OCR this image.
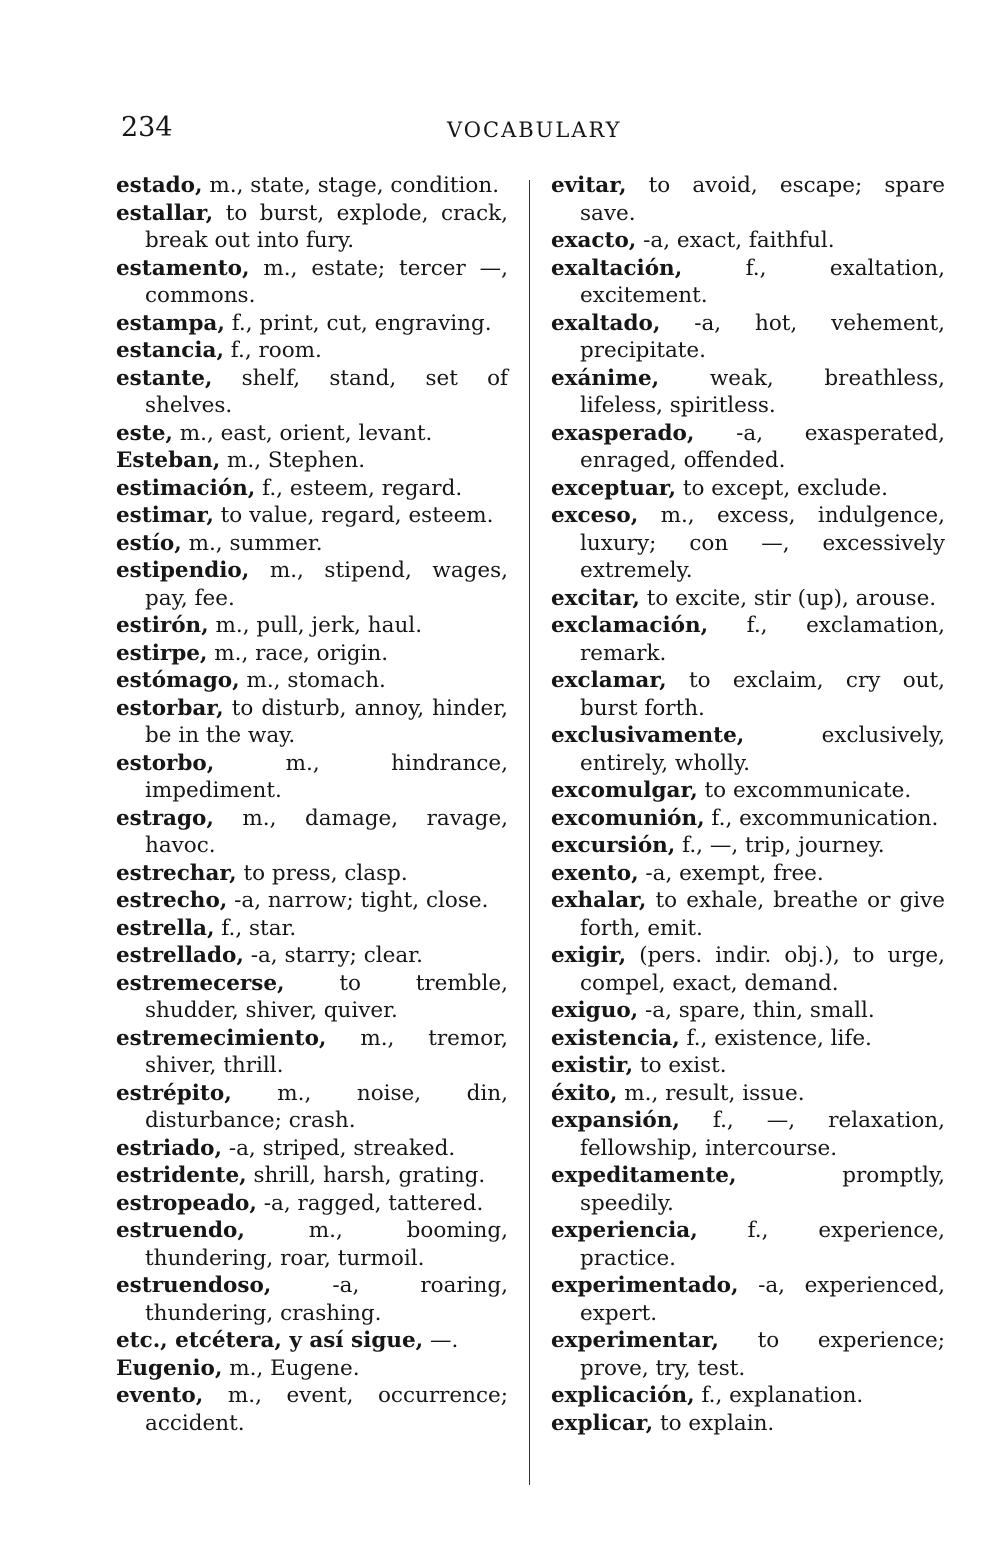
234	VOCABULARY
estado, m., state, stage, condition.
estallar, to burst, explode, crack, break out into fury.
estamento, m., estate; tercer —, commons.
estampa, f., print, cut, engraving.
estancia, f., room.
estante, shelf, stand, set of shelves.
este, m., east, orient, levant.
Esteban, m., Stephen.
estimación, f., esteem, regard.
estimar, to value, regard, esteem.
estío, m., summer.
estipendio, m., stipend, wages, pay, fee.
estirón, m., pull, jerk, haul.
estirpe, m., race, origin.
estómago, m., stomach.
estorbar, to disturb, annoy, hinder, be in the way.
estorbo,	m., hindrance, impediment.
estrago, m., damage, ravage, havoc.
estrechar, to press, clasp.
estrecho, -a, narrow; tight, close.
estrella, f., star.
estrellado, -a, starry; clear.
estremecerse,	to tremble, shudder, shiver, quiver.
estremecimiento, m., tremor, shiver, thrill.
estrépito, m., noise, din, disturbance; crash.
estriado, -a, striped, streaked.
estridente, shrill, harsh, grating.
estropeado, -a, ragged, tattered.
estruendo,	m., booming, thundering, roar, turmoil.
estruendoso,	-a, roaring, thundering, crashing.
etc., etcétera, y así sigue, —.
Eugenio, m., Eugene.
evento, m., event, occurrence; accident.
evitar, to avoid, escape; spare save.
exacto, -a, exact, faithful.
exaltación,	f., exaltation, excitement.
exaltado, -a, hot, vehement, precipitate.
exánime, weak, breathless, lifeless, spiritless.
exasperado, -a, exasperated, enraged, offended.
exceptuar, to except, exclude.
exceso, m., excess, indulgence, luxury; con —, excessively extremely.
excitar, to excite, stir (up), arouse.
exclamación, f., exclamation, remark.
exclamar, to exclaim, cry out, burst forth.
exclusivamente,	exclusively, entirely, wholly.
excomulgar, to excommunicate.
excomunión, f., excommunication.
excursión, f., —, trip, journey.
exento, -a, exempt, free.
exhalar, to exhale, breathe or give forth, emit.
exigir, (pers. indir. obj.), to urge, compel, exact, demand.
exiguo, -a, spare, thin, small.
existencia, f., existence, life.
existir, to exist.
éxito, m., result, issue.
expansión, f., —, relaxation, fellowship, intercourse.
expeditamente,	promptly, speedily.
experiencia, f., experience, practice.
experimentado, -a, experienced, expert.
experimentar, to experience; prove, try, test.
explicación, f., explanation.
explicar, to explain.
